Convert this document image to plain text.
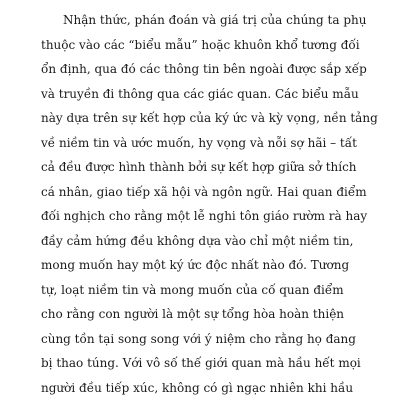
Nhận thức, phán đoán và giá trị của chúng ta phụ

thuộc vào các “biểu mẫu” hoặc khuôn khổ tương đối

ổn định, qua đó các thông tin bên ngoài được sắp xếp

và truyền đi thông qua các giác quan. Các biểu mẫu

này dựa trên sự kết hợp của ký ức và kỳ vọng, nền tảng

về niềm tin và ước muốn, hy vọng và nỗi sợ hãi – tất

cả đều được hình thành bởi sự kết hợp giữa sở thích

cá nhân, giao tiếp xã hội và ngôn ngữ. Hai quan điểm

đối nghịch cho rằng một lễ nghi tôn giáo rườm rà hay

đầy cảm hứng đều không dựa vào chỉ một niềm tin,

mong muốn hay một ký ức độc nhất nào đó. Tương

tự, loạt niềm tin và mong muốn của cố quan điểm

cho rằng con người là một sự tổng hòa hoàn thiện

cùng tồn tại song song với ý niệm cho rằng họ đang

bị thao túng. Với vô số thế giới quan mà hầu hết mọi

người đều tiếp xúc, không có gì ngạc nhiên khi hầu
